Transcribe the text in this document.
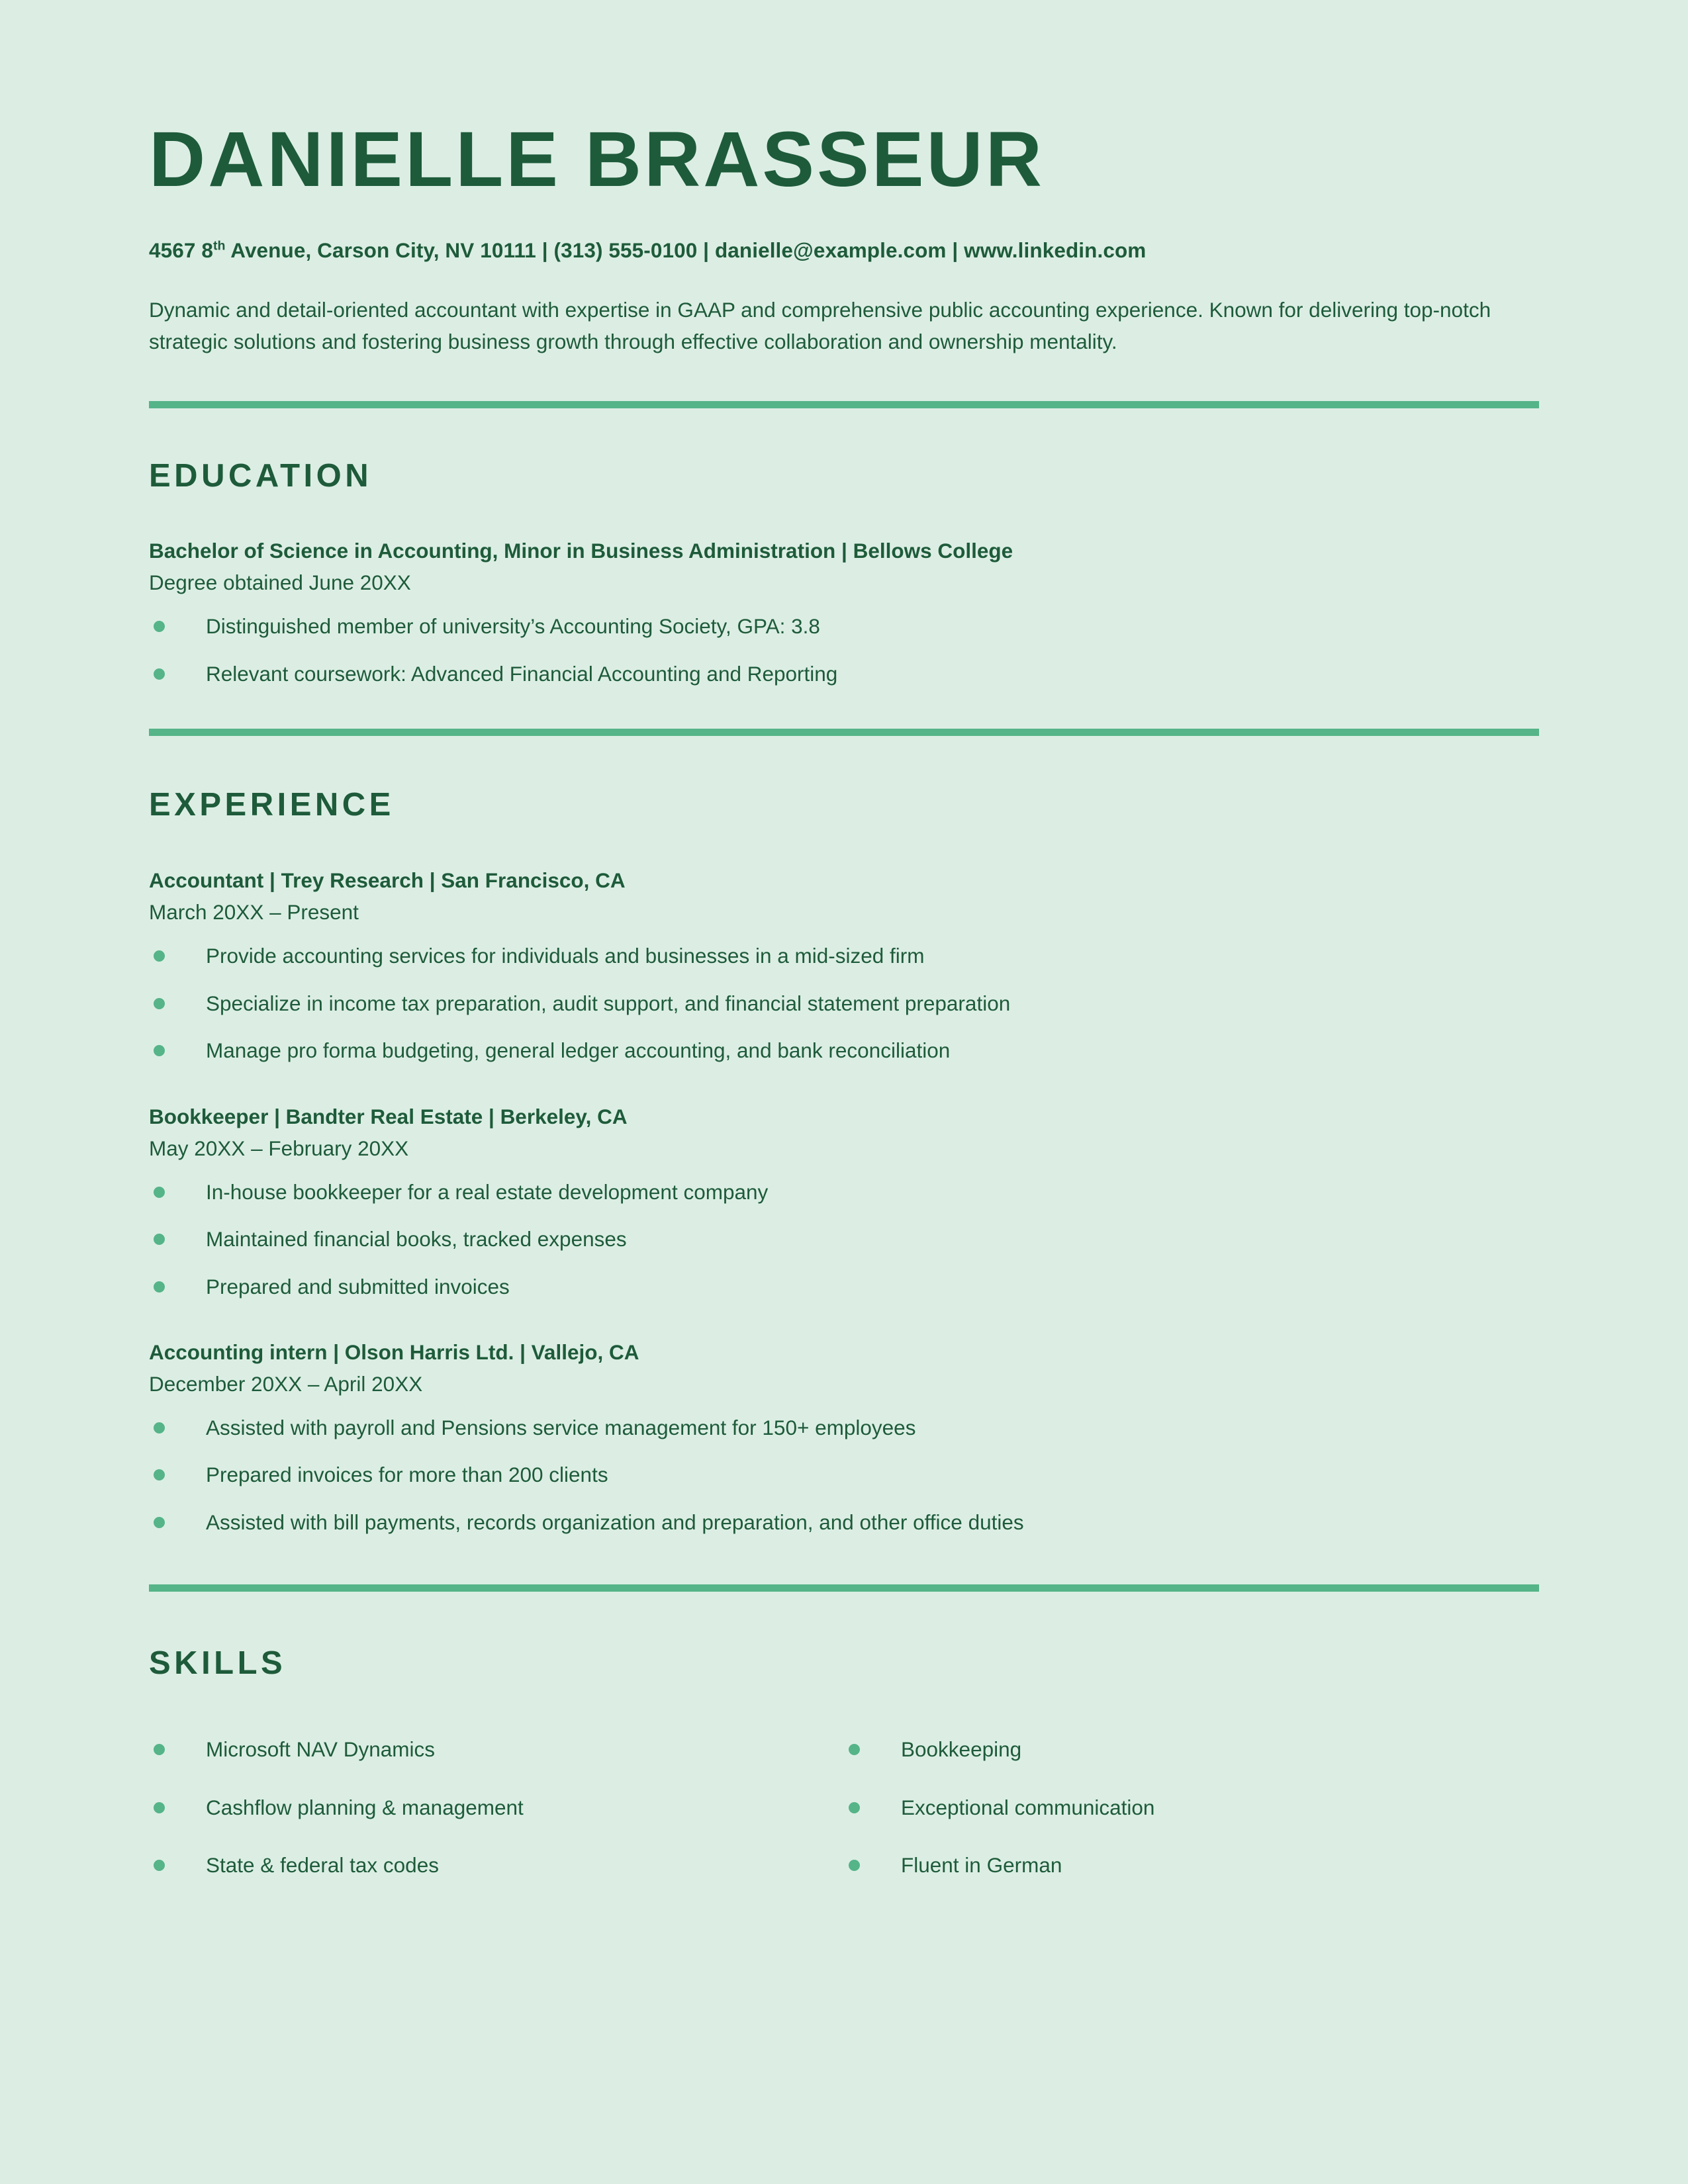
DANIELLE BRASSEUR
4567 8th Avenue, Carson City, NV 10111 | (313) 555-0100 | danielle@example.com | www.linkedin.com
Dynamic and detail-oriented accountant with expertise in GAAP and comprehensive public accounting experience. Known for delivering top-notch strategic solutions and fostering business growth through effective collaboration and ownership mentality.
EDUCATION
Bachelor of Science in Accounting, Minor in Business Administration | Bellows College
Degree obtained June 20XX
Distinguished member of university’s Accounting Society, GPA: 3.8
Relevant coursework: Advanced Financial Accounting and Reporting
EXPERIENCE
Accountant | Trey Research | San Francisco, CA
March 20XX – Present
Provide accounting services for individuals and businesses in a mid-sized firm
Specialize in income tax preparation, audit support, and financial statement preparation
Manage pro forma budgeting, general ledger accounting, and bank reconciliation
Bookkeeper | Bandter Real Estate | Berkeley, CA
May 20XX – February 20XX
In-house bookkeeper for a real estate development company
Maintained financial books, tracked expenses
Prepared and submitted invoices
Accounting intern | Olson Harris Ltd. | Vallejo, CA
December 20XX – April 20XX
Assisted with payroll and Pensions service management for 150+ employees
Prepared invoices for more than 200 clients
Assisted with bill payments, records organization and preparation, and other office duties
SKILLS
Microsoft NAV Dynamics
Cashflow planning & management
State & federal tax codes
Bookkeeping
Exceptional communication
Fluent in German
